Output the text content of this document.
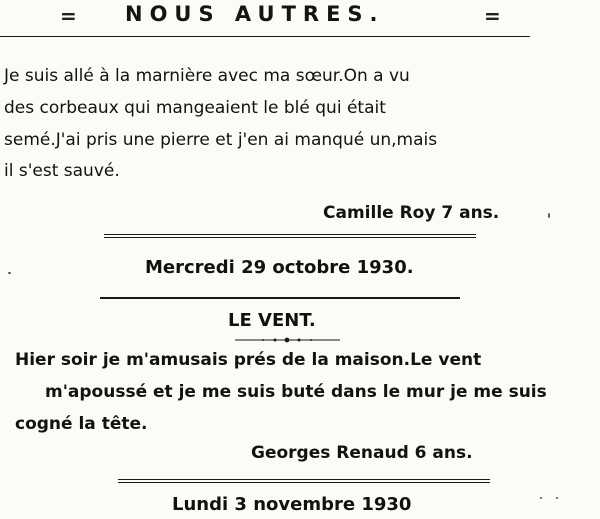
= NOUS AUTRES.	=
Je suis allé à la marnière avec ma sœur.On a vu
des corbeaux qui mangeaient le blé qui était
semé.J'ai pris une pierre et j'en ai manqué un,mais
il s'est sauvé.
Camille Roy 7 ans.
Mercredi 29 octobre 1930.
LE VENT.
Hier soir je m'amusais prés de la maison.Le vent
m'apoussé et je me suis buté dans le mur je me suis
cogné la tête.
Georges Renaud 6 ans.
Lundi 3 novembre 1930
